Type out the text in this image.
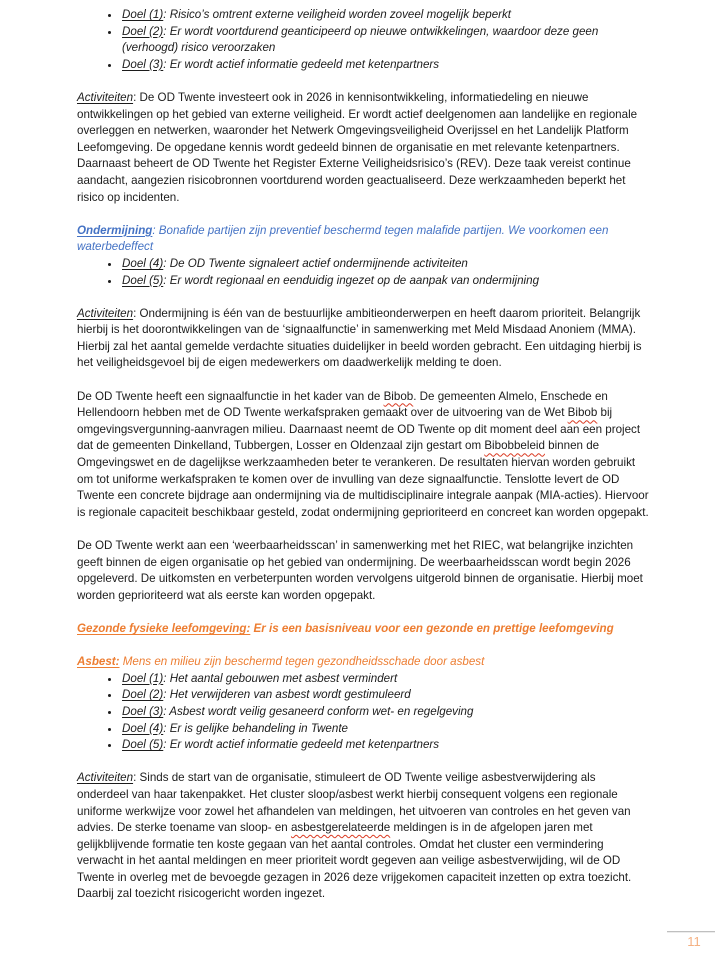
• Doel (1): Risico’s omtrent externe veiligheid worden zoveel mogelijk beperkt
• Doel (2): Er wordt voortdurend geanticipeerd op nieuwe ontwikkelingen, waardoor deze geen (verhoogd) risico veroorzaken
• Doel (3): Er wordt actief informatie gedeeld met ketenpartners

Activiteiten: De OD Twente investeert ook in 2026 in kennisontwikkeling, informatiedeling en nieuwe ontwikkelingen op het gebied van externe veiligheid. Er wordt actief deelgenomen aan landelijke en regionale overleggen en netwerken, waaronder het Netwerk Omgevingsveiligheid Overijssel en het Landelijk Platform Leefomgeving. De opgedane kennis wordt gedeeld binnen de organisatie en met relevante ketenpartners. Daarnaast beheert de OD Twente het Register Externe Veiligheidsrisico’s (REV). Deze taak vereist continue aandacht, aangezien risicobronnen voortdurend worden geactualiseerd. Deze werkzaamheden beperkt het risico op incidenten.

Ondermijning: Bonafide partijen zijn preventief beschermd tegen malafide partijen. We voorkomen een waterbedeffect

• Doel (4): De OD Twente signaleert actief ondermijnende activiteiten
• Doel (5): Er wordt regionaal en eenduidig ingezet op de aanpak van ondermijning

Activiteiten: Ondermijning is één van de bestuurlijke ambitieonderwerpen en heeft daarom prioriteit. Belangrijk hierbij is het doorontwikkelingen van de ‘signaalfunctie’ in samenwerking met Meld Misdaad Anoniem (MMA). Hierbij zal het aantal gemelde verdachte situaties duidelijker in beeld worden gebracht. Een uitdaging hierbij is het veiligheidsgevoel bij de eigen medewerkers om daadwerkelijk melding te doen.

De OD Twente heeft een signaalfunctie in het kader van de Bibob. De gemeenten Almelo, Enschede en Hellendoorn hebben met de OD Twente werkafspraken gemaakt over de uitvoering van de Wet Bibob bij omgevingsvergunning-aanvragen milieu. Daarnaast neemt de OD Twente op dit moment deel aan een project dat de gemeenten Dinkelland, Tubbergen, Losser en Oldenzaal zijn gestart om Bibobbeleid binnen de Omgevingswet en de dagelijkse werkzaamheden beter te verankeren. De resultaten hiervan worden gebruikt om tot uniforme werkafspraken te komen over de invulling van deze signaalfunctie. Tenslotte levert de OD Twente een concrete bijdrage aan ondermijning via de multidisciplinaire integrale aanpak (MIA-acties). Hiervoor is regionale capaciteit beschikbaar gesteld, zodat ondermijning geprioriteerd en concreet kan worden opgepakt.

De OD Twente werkt aan een ‘weerbaarheidsscan’ in samenwerking met het RIEC, wat belangrijke inzichten geeft binnen de eigen organisatie op het gebied van ondermijning. De weerbaarheidsscan wordt begin 2026 opgeleverd. De uitkomsten en verbeterpunten worden vervolgens uitgerold binnen de organisatie. Hierbij moet worden geprioriteerd wat als eerste kan worden opgepakt.

Gezonde fysieke leefomgeving: Er is een basisniveau voor een gezonde en prettige leefomgeving

Asbest: Mens en milieu zijn beschermd tegen gezondheidsschade door asbest

• Doel (1): Het aantal gebouwen met asbest vermindert
• Doel (2): Het verwijderen van asbest wordt gestimuleerd
• Doel (3): Asbest wordt veilig gesaneerd conform wet- en regelgeving
• Doel (4): Er is gelijke behandeling in Twente
• Doel (5): Er wordt actief informatie gedeeld met ketenpartners

Activiteiten: Sinds de start van de organisatie, stimuleert de OD Twente veilige asbestverwijdering als onderdeel van haar takenpakket. Het cluster sloop/asbest werkt hierbij consequent volgens een regionale uniforme werkwijze voor zowel het afhandelen van meldingen, het uitvoeren van controles en het geven van advies. De sterke toename van sloop- en asbestgerelateerde meldingen is in de afgelopen jaren met gelijkblijvende formatie ten koste gegaan van het aantal controles. Omdat het cluster een vermindering verwacht in het aantal meldingen en meer prioriteit wordt gegeven aan veilige asbestverwijding, wil de OD Twente in overleg met de bevoegde gezagen in 2026 deze vrijgekomen capaciteit inzetten op extra toezicht. Daarbij zal toezicht risicogericht worden ingezet.

11
